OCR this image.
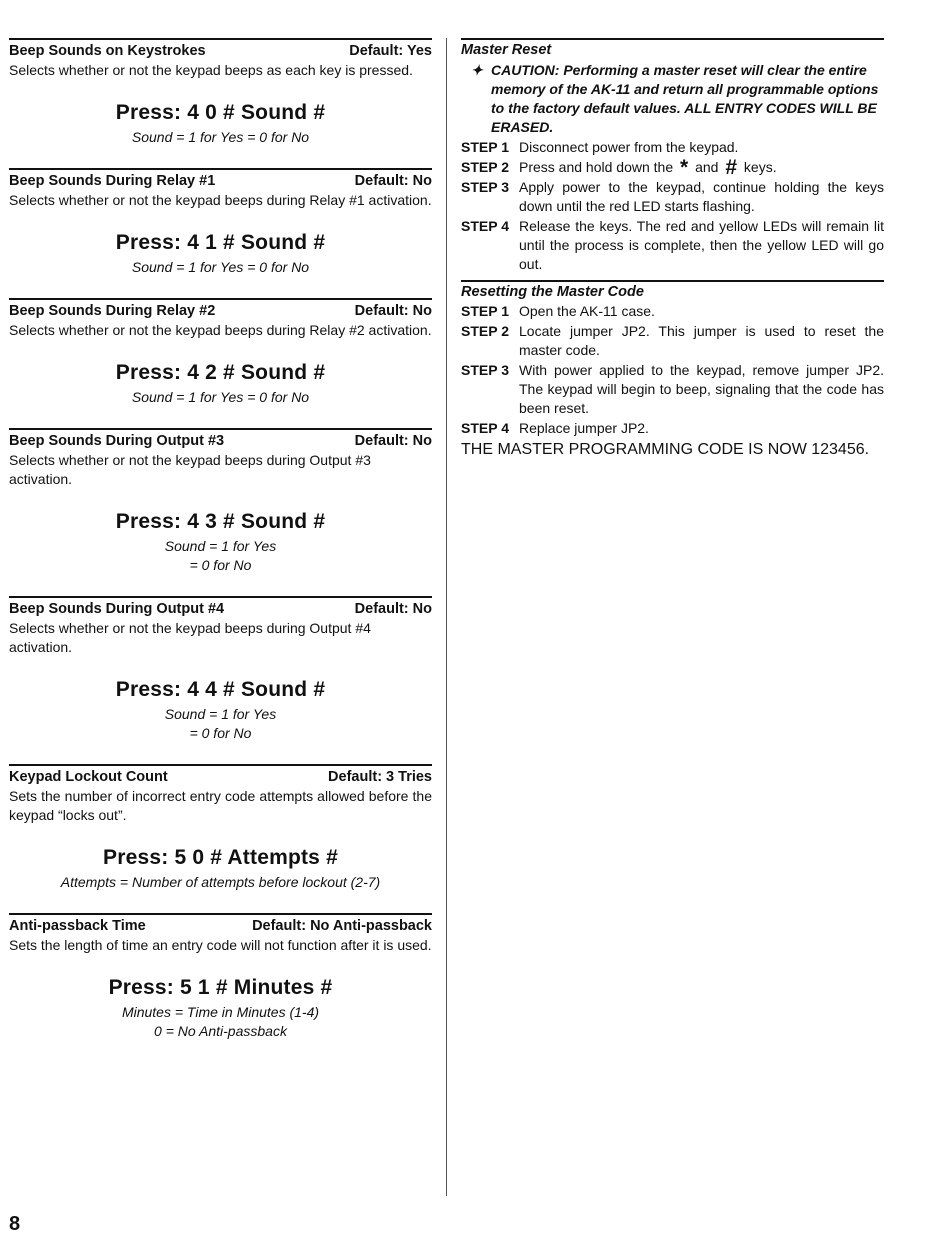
Beep Sounds on Keystrokes	Default: Yes
Selects whether or not the keypad beeps as each key is pressed.
Press: 4 0 # Sound #
Sound = 1 for Yes = 0 for No
Beep Sounds During Relay #1	Default: No
Selects whether or not the keypad beeps during Relay #1 activation.
Press: 4 1 # Sound #
Sound = 1 for Yes = 0 for No
Beep Sounds During Relay #2	Default: No
Selects whether or not the keypad beeps during Relay #2 activation.
Press: 4 2 # Sound #
Sound = 1 for Yes = 0 for No
Beep Sounds During Output #3	Default: No
Selects whether or not the keypad beeps during Output #3 activation.
Press: 4 3 # Sound #
Sound = 1 for Yes
= 0 for No
Beep Sounds During Output #4	Default: No
Selects whether or not the keypad beeps during Output #4 activation.
Press: 4 4 # Sound #
Sound = 1 for Yes
= 0 for No
Keypad Lockout Count	Default: 3 Tries
Sets the number of incorrect entry code attempts allowed before the keypad “locks out”.
Press: 5 0 # Attempts #
Attempts = Number of attempts before lockout (2-7)
Anti-passback Time	Default: No Anti-passback
Sets the length of time an entry code will not function after it is used.
Press: 5 1 # Minutes #
Minutes = Time in Minutes (1-4)
0 = No Anti-passback
Master Reset
✦ CAUTION: Performing a master reset will clear the entire memory of the AK-11 and return all programmable options to the factory default values. ALL ENTRY CODES WILL BE ERASED.
STEP 1 Disconnect power from the keypad.
STEP 2 Press and hold down the * and # keys.
STEP 3 Apply power to the keypad, continue holding the keys down until the red LED starts flashing.
STEP 4 Release the keys. The red and yellow LEDs will remain lit until the process is complete, then the yellow LED will go out.
Resetting the Master Code
STEP 1 Open the AK-11 case.
STEP 2 Locate jumper JP2. This jumper is used to reset the master code.
STEP 3 With power applied to the keypad, remove jumper JP2. The keypad will begin to beep, signaling that the code has been reset.
STEP 4 Replace jumper JP2.
THE MASTER PROGRAMMING CODE IS NOW 123456.
8
